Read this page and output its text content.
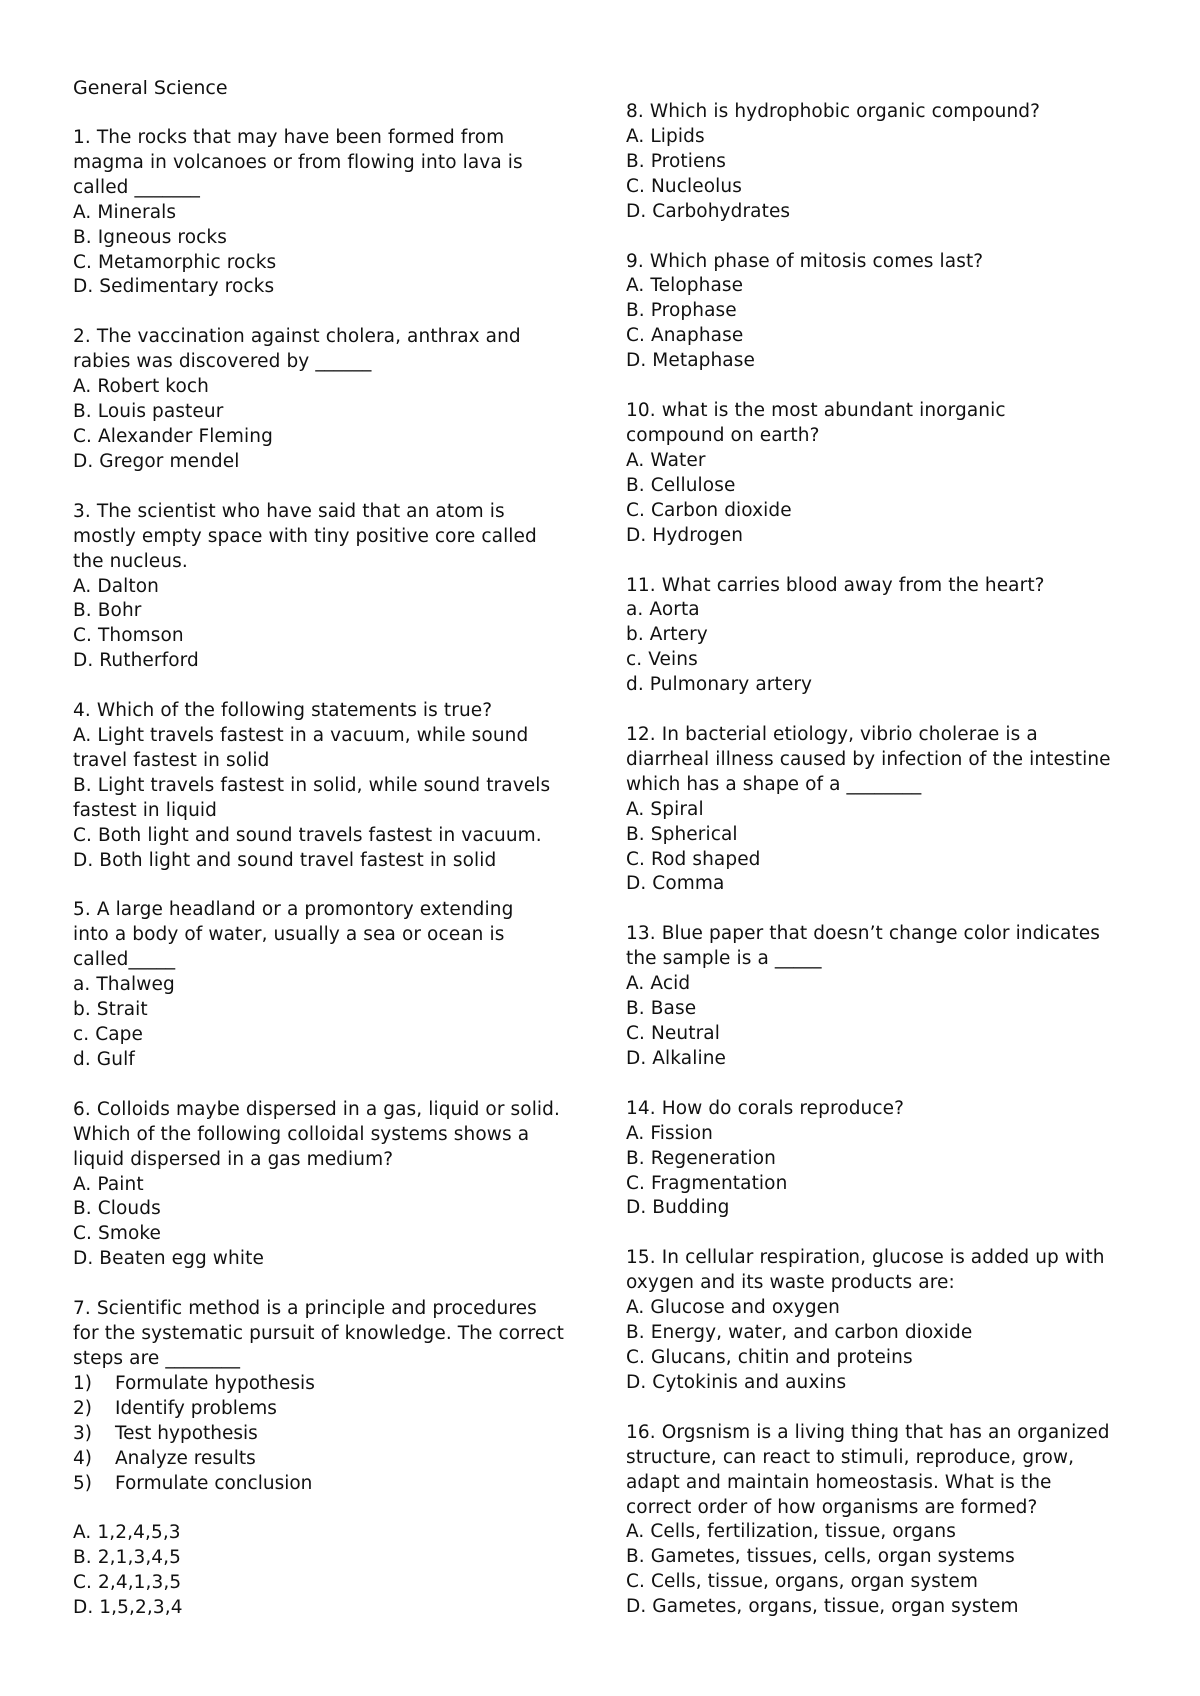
General Science
1. The rocks that may have been formed from
magma in volcanoes or from flowing into lava is
called _______
A. Minerals
B. Igneous rocks
C. Metamorphic rocks
D. Sedimentary rocks
2. The vaccination against cholera, anthrax and
rabies was discovered by ______
A. Robert koch
B. Louis pasteur
C. Alexander Fleming
D. Gregor mendel
3. The scientist who have said that an atom is
mostly empty space with tiny positive core called
the nucleus.
A. Dalton
B. Bohr
C. Thomson
D. Rutherford
4. Which of the following statements is true?
A. Light travels fastest in a vacuum, while sound
travel fastest in solid
B. Light travels fastest in solid, while sound travels
fastest in liquid
C. Both light and sound travels fastest in vacuum.
D. Both light and sound travel fastest in solid
5. A large headland or a promontory extending
into a body of water, usually a sea or ocean is
called_____
a. Thalweg
b. Strait
c. Cape
d. Gulf
6. Colloids maybe dispersed in a gas, liquid or solid.
Which of the following colloidal systems shows a
liquid dispersed in a gas medium?
A. Paint
B. Clouds
C. Smoke
D. Beaten egg white
7. Scientific method is a principle and procedures
for the systematic pursuit of knowledge. The correct
steps are ________
1)	Formulate hypothesis
2)	Identify problems
3)	Test hypothesis
4)	Analyze results
5)	Formulate conclusion
A. 1,2,4,5,3
B. 2,1,3,4,5
C. 2,4,1,3,5
D. 1,5,2,3,4
8. Which is hydrophobic organic compound?
A. Lipids
B. Protiens
C. Nucleolus
D. Carbohydrates
9. Which phase of mitosis comes last?
A. Telophase
B. Prophase
C. Anaphase
D. Metaphase
10. what is the most abundant inorganic
compound on earth?
A. Water
B. Cellulose
C. Carbon dioxide
D. Hydrogen
11. What carries blood away from the heart?
a. Aorta
b. Artery
c. Veins
d. Pulmonary artery
12. In bacterial etiology, vibrio cholerae is a
diarrheal illness caused by infection of the intestine
which has a shape of a ________
A. Spiral
B. Spherical
C. Rod shaped
D. Comma
13. Blue paper that doesn’t change color indicates
the sample is a _____
A. Acid
B. Base
C. Neutral
D. Alkaline
14. How do corals reproduce?
A. Fission
B. Regeneration
C. Fragmentation
D. Budding
15. In cellular respiration, glucose is added up with
oxygen and its waste products are:
A. Glucose and oxygen
B. Energy, water, and carbon dioxide
C. Glucans, chitin and proteins
D. Cytokinis and auxins
16. Orgsnism is a living thing that has an organized
structure, can react to stimuli, reproduce, grow,
adapt and maintain homeostasis. What is the
correct order of how organisms are formed?
A. Cells, fertilization, tissue, organs
B. Gametes, tissues, cells, organ systems
C. Cells, tissue, organs, organ system
D. Gametes, organs, tissue, organ system
